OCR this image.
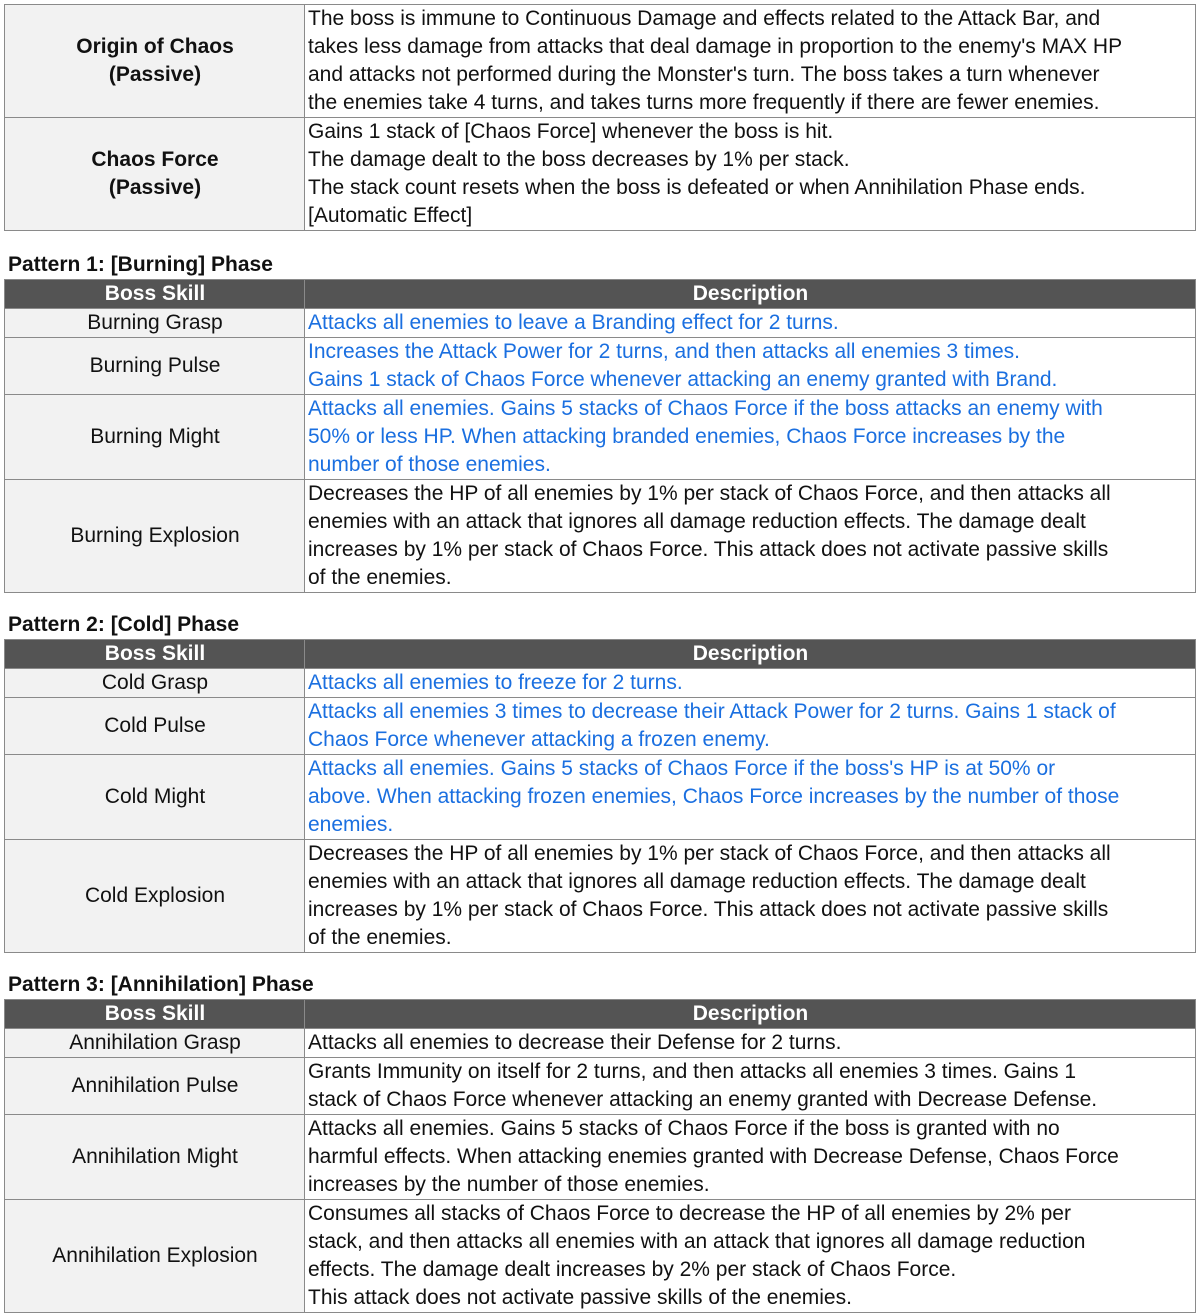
Origin of Chaos
(Passive)	The boss is immune to Continuous Damage and effects related to the Attack Bar, and
takes less damage from attacks that deal damage in proportion to the enemy's MAX HP
and attacks not performed during the Monster's turn. The boss takes a turn whenever
the enemies take 4 turns, and takes turns more frequently if there are fewer enemies.

Chaos Force
(Passive)	Gains 1 stack of [Chaos Force] whenever the boss is hit.
The damage dealt to the boss decreases by 1% per stack.
The stack count resets when the boss is defeated or when Annihilation Phase ends.
[Automatic Effect]
Pattern 1: [Burning] Phase
Boss Skill	Description
Burning Grasp	Attacks all enemies to leave a Branding effect for 2 turns.

Burning Pulse	Increases the Attack Power for 2 turns, and then attacks all enemies 3 times.
Gains 1 stack of Chaos Force whenever attacking an enemy granted with Brand.

Burning Might	Attacks all enemies. Gains 5 stacks of Chaos Force if the boss attacks an enemy with
50% or less HP. When attacking branded enemies, Chaos Force increases by the
number of those enemies.

Burning Explosion	Decreases the HP of all enemies by 1% per stack of Chaos Force, and then attacks all
enemies with an attack that ignores all damage reduction effects. The damage dealt
increases by 1% per stack of Chaos Force. This attack does not activate passive skills
of the enemies.
Pattern 2: [Cold] Phase
Boss Skill	Description
Cold Grasp	Attacks all enemies to freeze for 2 turns.

Cold Pulse	Attacks all enemies 3 times to decrease their Attack Power for 2 turns. Gains 1 stack of
Chaos Force whenever attacking a frozen enemy.

Cold Might	Attacks all enemies. Gains 5 stacks of Chaos Force if the boss's HP is at 50% or
above. When attacking frozen enemies, Chaos Force increases by the number of those
enemies.

Cold Explosion	Decreases the HP of all enemies by 1% per stack of Chaos Force, and then attacks all
enemies with an attack that ignores all damage reduction effects. The damage dealt
increases by 1% per stack of Chaos Force. This attack does not activate passive skills
of the enemies.
Pattern 3: [Annihilation] Phase
Boss Skill	Description
Annihilation Grasp	Attacks all enemies to decrease their Defense for 2 turns.

Annihilation Pulse	Grants Immunity on itself for 2 turns, and then attacks all enemies 3 times. Gains 1
stack of Chaos Force whenever attacking an enemy granted with Decrease Defense.

Annihilation Might	Attacks all enemies. Gains 5 stacks of Chaos Force if the boss is granted with no
harmful effects. When attacking enemies granted with Decrease Defense, Chaos Force
increases by the number of those enemies.

Annihilation Explosion	Consumes all stacks of Chaos Force to decrease the HP of all enemies by 2% per
stack, and then attacks all enemies with an attack that ignores all damage reduction
effects. The damage dealt increases by 2% per stack of Chaos Force.
This attack does not activate passive skills of the enemies.
